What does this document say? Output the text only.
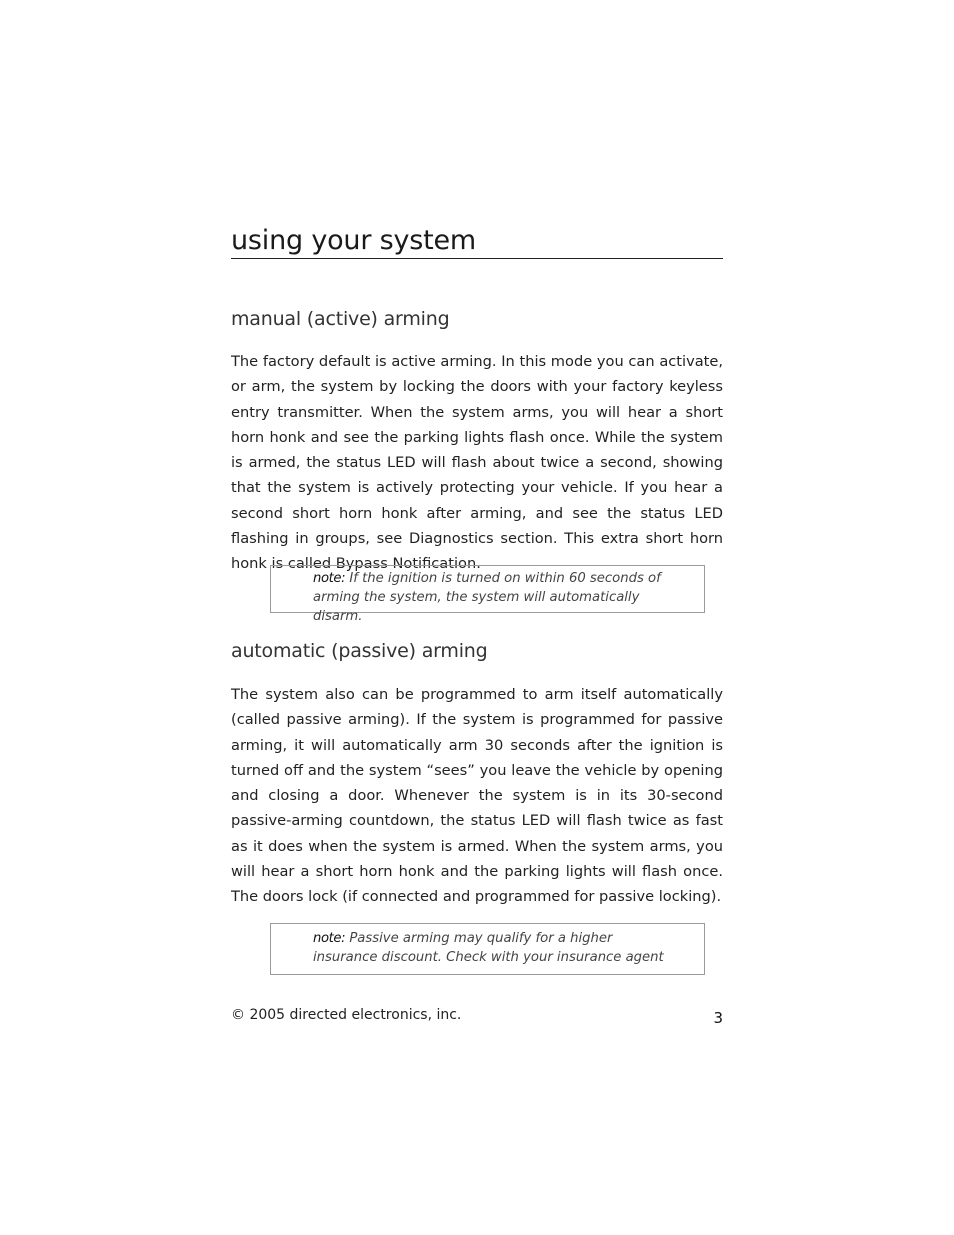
using your system
manual (active) arming

The factory default is active arming. In this mode you can activate, or arm, the system by locking the doors with your factory keyless entry transmitter. When the system arms, you will hear a short horn honk and see the parking lights flash once. While the system is armed, the status LED will flash about twice a second, showing that the system is actively protecting your vehicle. If you hear a second short horn honk after arming, and see the status LED flashing in groups, see Diagnostics section. This extra short horn honk is called Bypass Notification.

note: If the ignition is turned on within 60 seconds of arming the system, the system will automatically disarm.
automatic (passive) arming

The system also can be programmed to arm itself automatically (called passive arming). If the system is programmed for passive arming, it will automatically arm 30 seconds after the ignition is turned off and the system “sees” you leave the vehicle by opening and closing a door. Whenever the system is in its 30-second passive-arming countdown, the status LED will flash twice as fast as it does when the system is armed. When the system arms, you will hear a short horn honk and the parking lights will flash once. The doors lock (if connected and programmed for passive locking).

note: Passive arming may qualify for a higher insurance discount. Check with your insurance agent
© 2005 directed electronics, inc.	3
